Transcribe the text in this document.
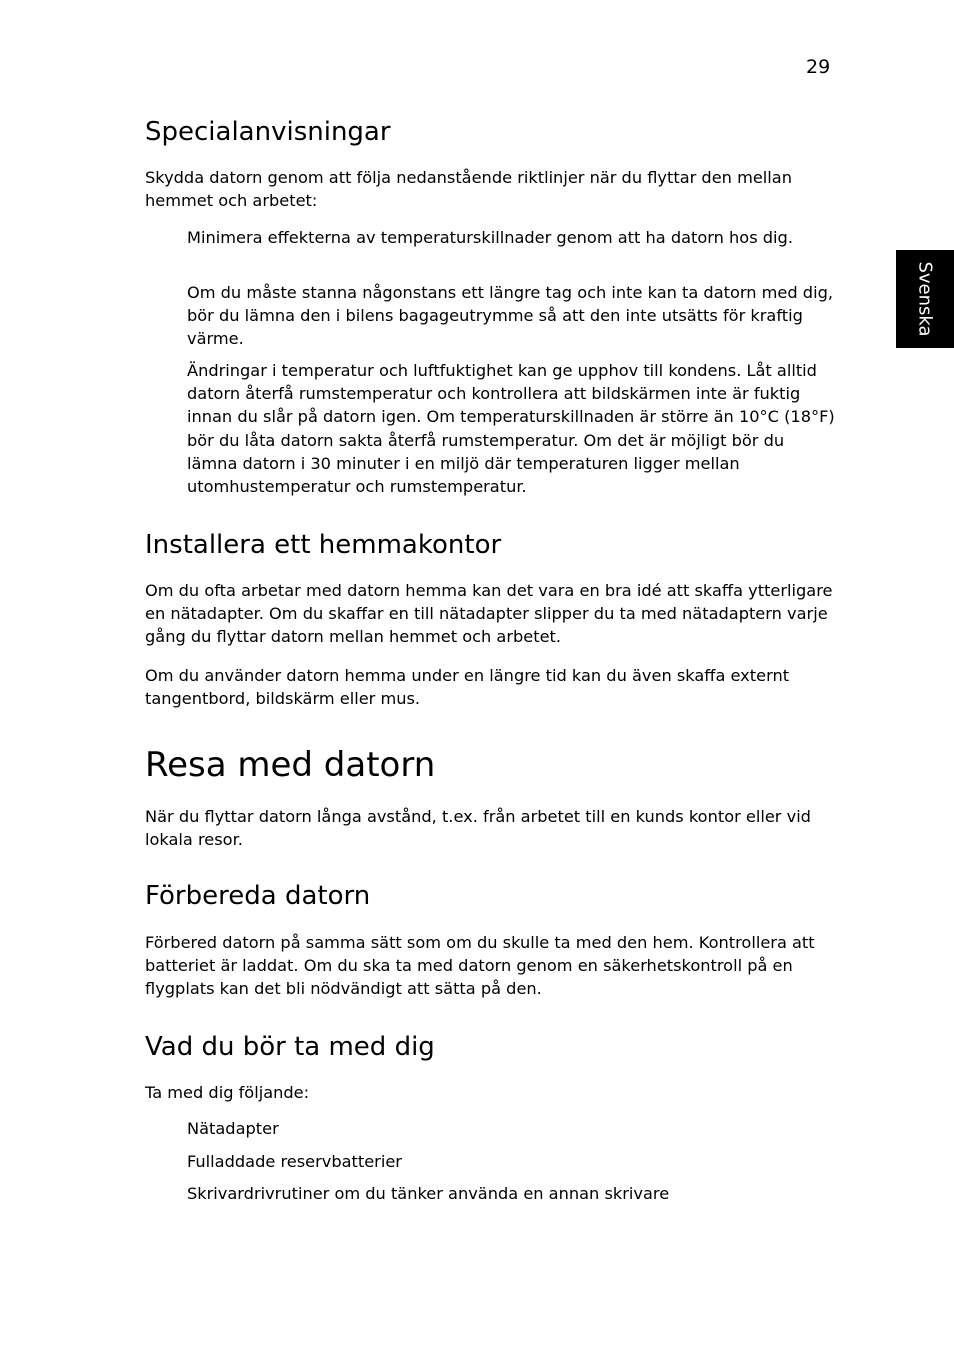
29
Svenska
Specialanvisningar

Skydda datorn genom att följa nedanstående riktlinjer när du flyttar den mellan hemmet och arbetet:

Minimera effekterna av temperaturskillnader genom att ha datorn hos dig.

Om du måste stanna någonstans ett längre tag och inte kan ta datorn med dig, bör du lämna den i bilens bagageutrymme så att den inte utsätts för kraftig värme.

Ändringar i temperatur och luftfuktighet kan ge upphov till kondens. Låt alltid datorn återfå rumstemperatur och kontrollera att bildskärmen inte är fuktig innan du slår på datorn igen. Om temperaturskillnaden är större än 10°C (18°F) bör du låta datorn sakta återfå rumstemperatur. Om det är möjligt bör du lämna datorn i 30 minuter i en miljö där temperaturen ligger mellan utomhustemperatur och rumstemperatur.

Installera ett hemmakontor

Om du ofta arbetar med datorn hemma kan det vara en bra idé att skaffa ytterligare en nätadapter. Om du skaffar en till nätadapter slipper du ta med nätadaptern varje gång du flyttar datorn mellan hemmet och arbetet.

Om du använder datorn hemma under en längre tid kan du även skaffa externt tangentbord, bildskärm eller mus.

Resa med datorn

När du flyttar datorn långa avstånd, t.ex. från arbetet till en kunds kontor eller vid lokala resor.

Förbereda datorn

Förbered datorn på samma sätt som om du skulle ta med den hem. Kontrollera att batteriet är laddat. Om du ska ta med datorn genom en säkerhetskontroll på en flygplats kan det bli nödvändigt att sätta på den.

Vad du bör ta med dig

Ta med dig följande:

Nätadapter

Fulladdade reservbatterier

Skrivardrivrutiner om du tänker använda en annan skrivare
